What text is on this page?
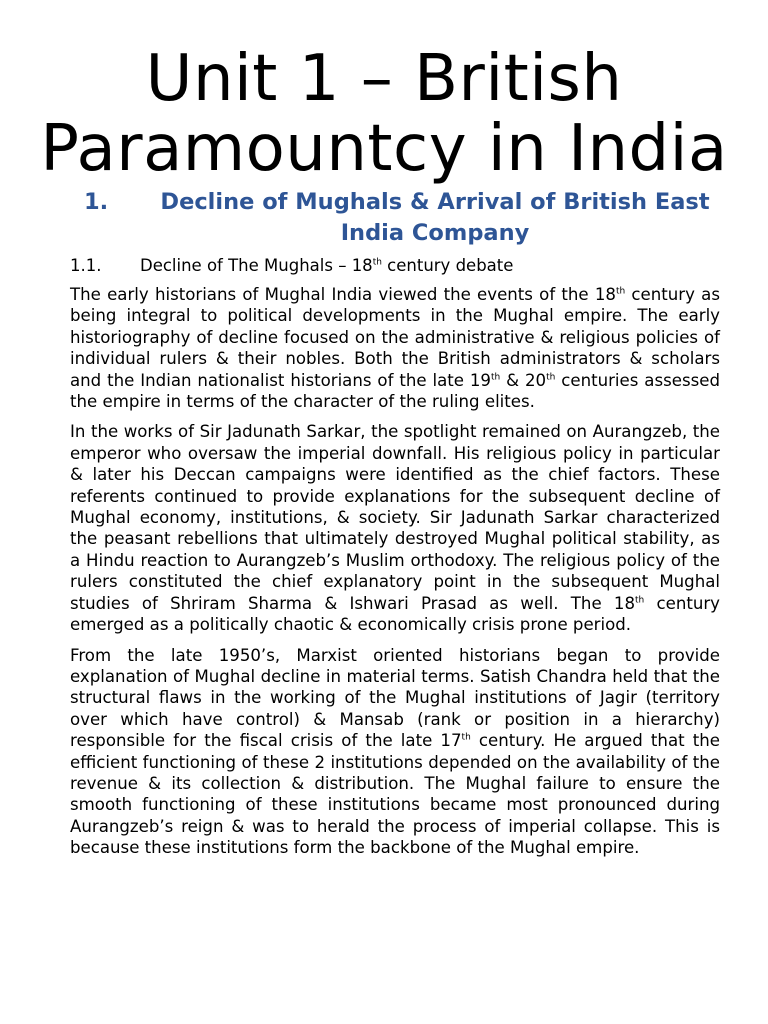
Unit 1 – British
Paramountcy in India
1.	Decline of Mughals & Arrival of British East India Company
1.1. Decline of The Mughals – 18th century debate

The early historians of Mughal India viewed the events of the 18th century as being integral to political developments in the Mughal empire. The early historiography of decline focused on the administrative & religious policies of individual rulers & their nobles. Both the British administrators & scholars and the Indian nationalist historians of the late 19th & 20th centuries assessed the empire in terms of the character of the ruling elites.

In the works of Sir Jadunath Sarkar, the spotlight remained on Aurangzeb, the emperor who oversaw the imperial downfall. His religious policy in particular & later his Deccan campaigns were identified as the chief factors. These referents continued to provide explanations for the subsequent decline of Mughal economy, institutions, & society. Sir Jadunath Sarkar characterized the peasant rebellions that ultimately destroyed Mughal political stability, as a Hindu reaction to Aurangzeb’s Muslim orthodoxy. The religious policy of the rulers constituted the chief explanatory point in the subsequent Mughal studies of Shriram Sharma & Ishwari Prasad as well. The 18th century emerged as a politically chaotic & economically crisis prone period.

From the late 1950’s, Marxist oriented historians began to provide explanation of Mughal decline in material terms. Satish Chandra held that the structural flaws in the working of the Mughal institutions of Jagir (territory over which have control) & Mansab (rank or position in a hierarchy) responsible for the fiscal crisis of the late 17th century. He argued that the efficient functioning of these 2 institutions depended on the availability of the revenue & its collection & distribution. The Mughal failure to ensure the smooth functioning of these institutions became most pronounced during Aurangzeb’s reign & was to herald the process of imperial collapse. This is because these institutions form the backbone of the Mughal empire.
